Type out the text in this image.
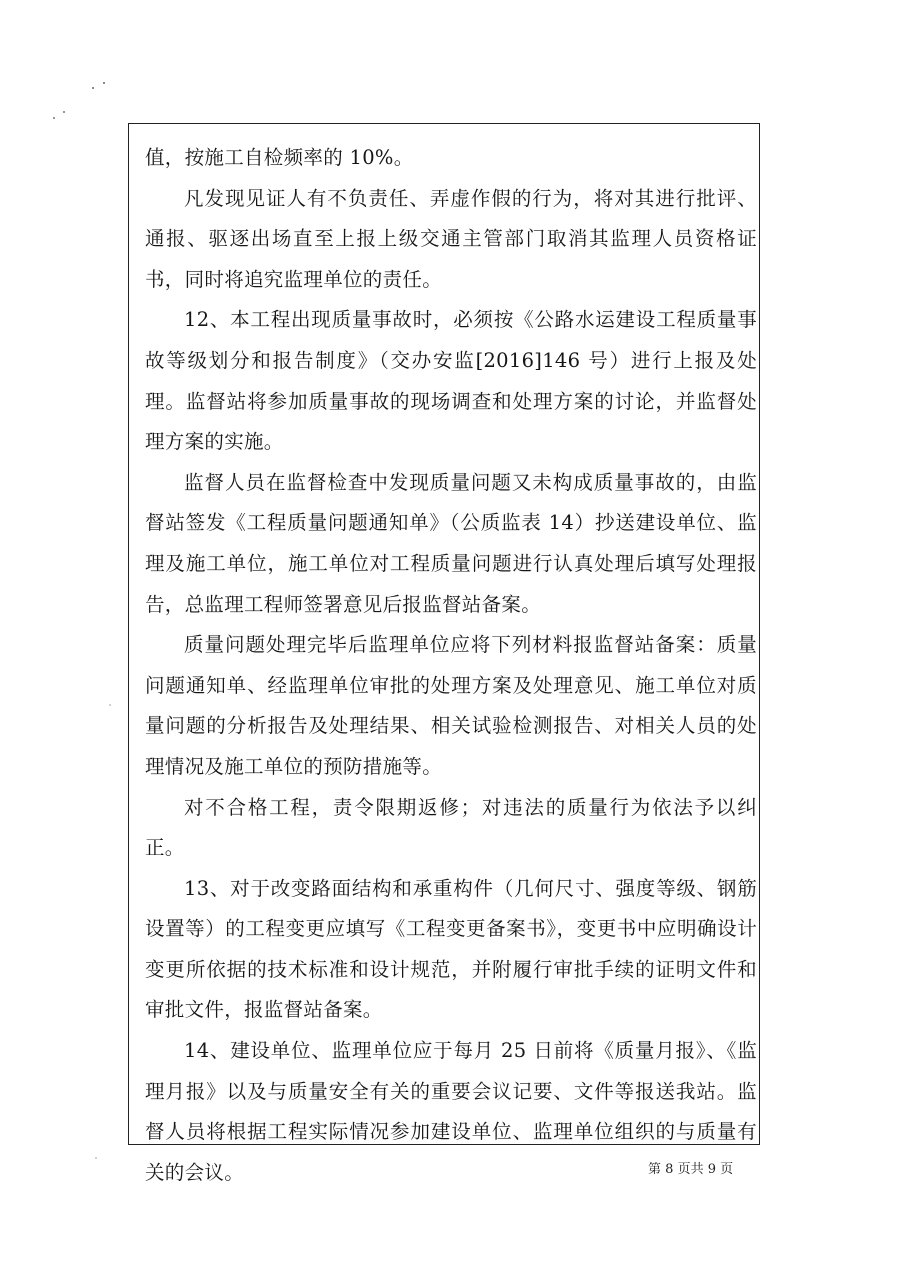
值，按施工自检频率的 10%。

凡发现见证人有不负责任、弄虚作假的行为，将对其进行批评、通报、驱逐出场直至上报上级交通主管部门取消其监理人员资格证书，同时将追究监理单位的责任。

12、本工程出现质量事故时，必须按《公路水运建设工程质量事故等级划分和报告制度》（交办安监[2016]146 号）进行上报及处理。监督站将参加质量事故的现场调查和处理方案的讨论，并监督处理方案的实施。

监督人员在监督检查中发现质量问题又未构成质量事故的，由监督站签发《工程质量问题通知单》（公质监表 14）抄送建设单位、监理及施工单位，施工单位对工程质量问题进行认真处理后填写处理报告，总监理工程师签署意见后报监督站备案。

质量问题处理完毕后监理单位应将下列材料报监督站备案：质量问题通知单、经监理单位审批的处理方案及处理意见、施工单位对质量问题的分析报告及处理结果、相关试验检测报告、对相关人员的处理情况及施工单位的预防措施等。

对不合格工程，责令限期返修；对违法的质量行为依法予以纠正。

13、对于改变路面结构和承重构件（几何尺寸、强度等级、钢筋设置等）的工程变更应填写《工程变更备案书》，变更书中应明确设计变更所依据的技术标准和设计规范，并附履行审批手续的证明文件和审批文件，报监督站备案。

14、建设单位、监理单位应于每月 25 日前将《质量月报》、《监理月报》以及与质量安全有关的重要会议记要、文件等报送我站。监督人员将根据工程实际情况参加建设单位、监理单位组织的与质量有关的会议。	第 8 页共 9 页
